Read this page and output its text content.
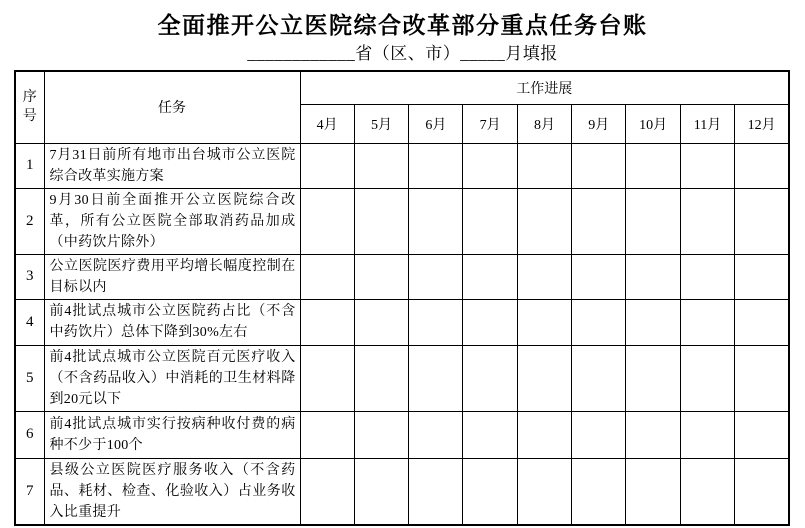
全面推开公立医院综合改革部分重点任务台账
____________省（区、市）_____月填报
序
号	任务	工作进展								
		4月	5月	6月	7月	8月	9月	10月	11月	12月
1	7月31日前所有地市出台城市公立医院综合改革实施方案									
2	9月30日前全面推开公立医院综合改革，所有公立医院全部取消药品加成（中药饮片除外）									
3	公立医院医疗费用平均增长幅度控制在目标以内									
4	前4批试点城市公立医院药占比（不含中药饮片）总体下降到30%左右									
5	前4批试点城市公立医院百元医疗收入（不含药品收入）中消耗的卫生材料降到20元以下									
6	前4批试点城市实行按病种收付费的病种不少于100个									
7	县级公立医院医疗服务收入（不含药品、耗材、检查、化验收入）占业务收入比重提升									
